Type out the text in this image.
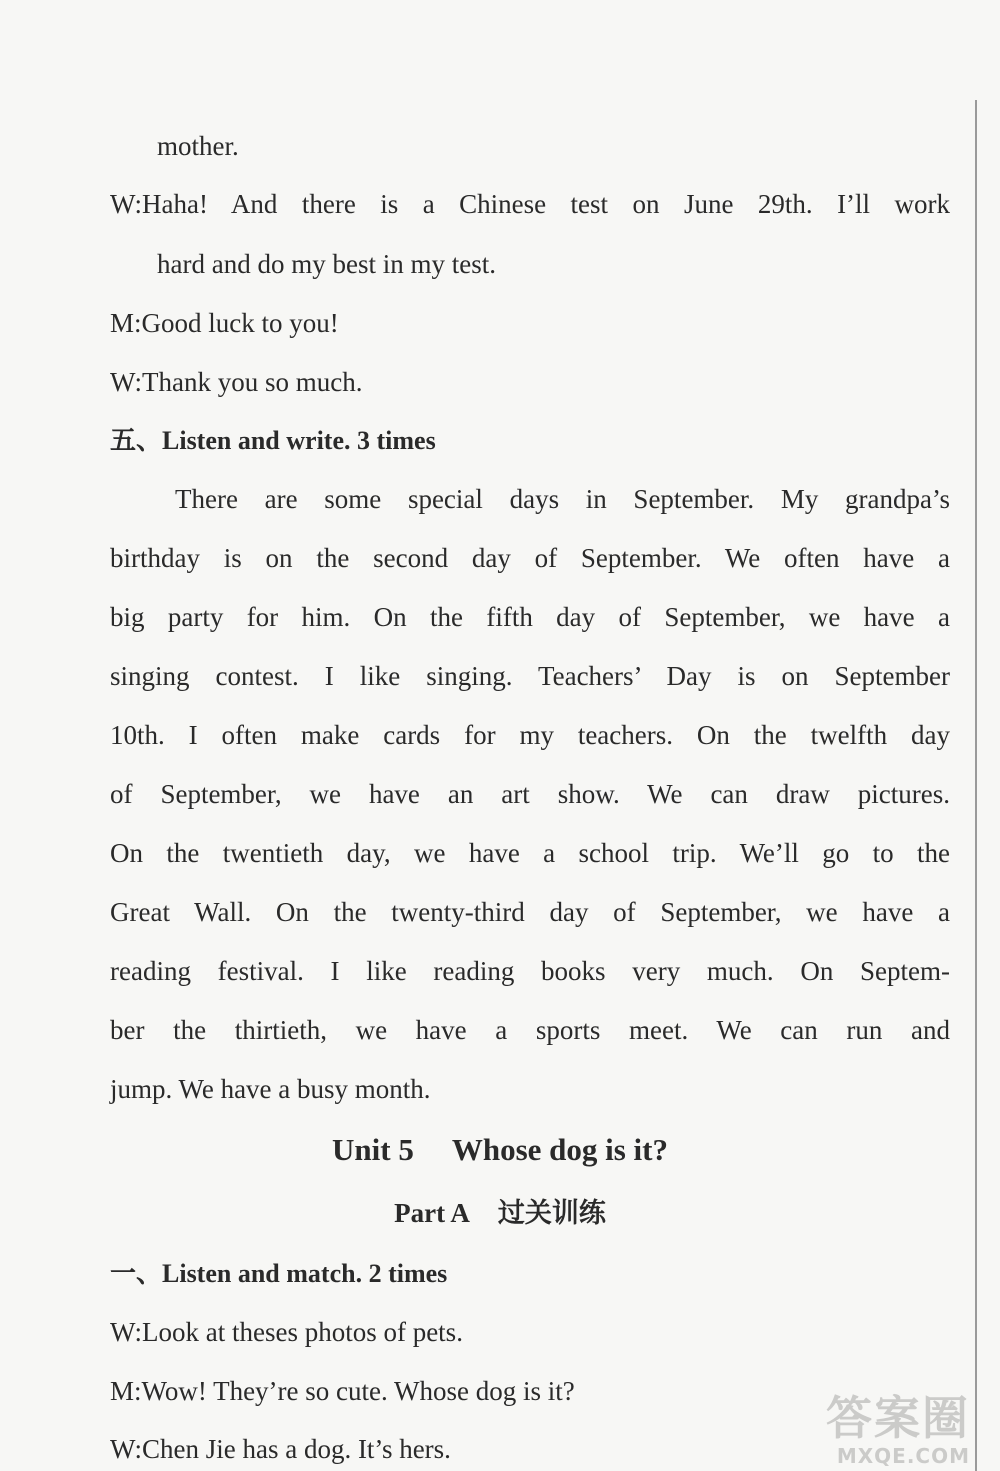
mother.
W:Haha! And there is a Chinese test on June 29th. I’ll work
hard and do my best in my test.
M:Good luck to you!
W:Thank you so much.
五、Listen and write. 3 times
There are some special days in September. My grandpa’s
birthday is on the second day of September. We often have a
big party for him. On the fifth day of September, we have a
singing contest. I like singing. Teachers’ Day is on September
10th. I often make cards for my teachers. On the twelfth day
of September, we have an art show. We can draw pictures.
On the twentieth day, we have a school trip. We’ll go to the
Great Wall. On the twenty-third day of September, we have a
reading festival. I like reading books very much. On Septem-
ber the thirtieth, we have a sports meet. We can run and
jump. We have a busy month.
Unit 5 Whose dog is it?
Part A 过关训练
一、Listen and match. 2 times
W:Look at theses photos of pets.
M:Wow! They’re so cute. Whose dog is it?
W:Chen Jie has a dog. It’s hers.
答案圈
MXQE.COM
